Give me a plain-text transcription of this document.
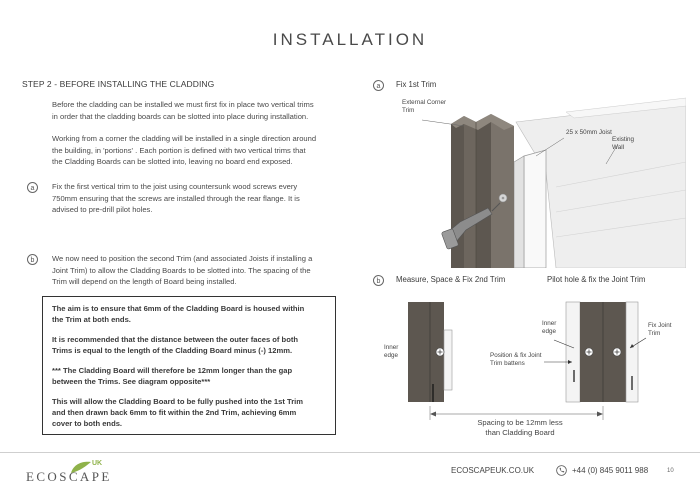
INSTALLATION
STEP 2 - BEFORE INSTALLING THE CLADDING
Before the cladding can be installed we must first fix in place two vertical trims
in order that the cladding boards can be slotted into place during installation.
Working from a corner the cladding will be installed in a single direction around
the building, in 'portions' . Each portion is defined with two vertical trims that
the Cladding Boards can be slotted into, leaving no board end exposed.
a	Fix the first vertical trim to the joist using countersunk wood screws every
750mm ensuring that the screws are installed through the rear flange. It is
advised to pre-drill pilot holes.
b	We now need to position the second Trim (and associated Joists if installing a
Joint Trim) to allow the Cladding Boards to be slotted into. The spacing of the
Trim will depend on the length of Board being installed.

The aim is to ensure that 6mm of the Cladding Board is housed within
the Trim at both ends.

It is recommended that the distance between the outer faces of both
Trims is equal to the length of the Cladding Board minus (-) 12mm.

*** The Cladding Board will therefore be 12mm longer than the gap
between the Trims. See diagram opposite***

This will allow the Cladding Board to be fully pushed into the 1st Trim
and then drawn back 6mm to fit within the 2nd Trim, achieving 6mm
cover to both ends.

a	Fix 1st Trim
External Corner
Trim
25 x 50mm Joist
Existing
Wall
b	Measure, Space & Fix 2nd Trim	Pilot hole & fix the Joint Trim
Inner
edge
Inner
edge
Position & fix Joint
Trim battens
Fix Joint
Trim
Spacing to be 12mm less
than Cladding Board
UK
ECOSCAPE	ECOSCAPEUK.CO.UK	+44 (0) 845 9011 988	10
